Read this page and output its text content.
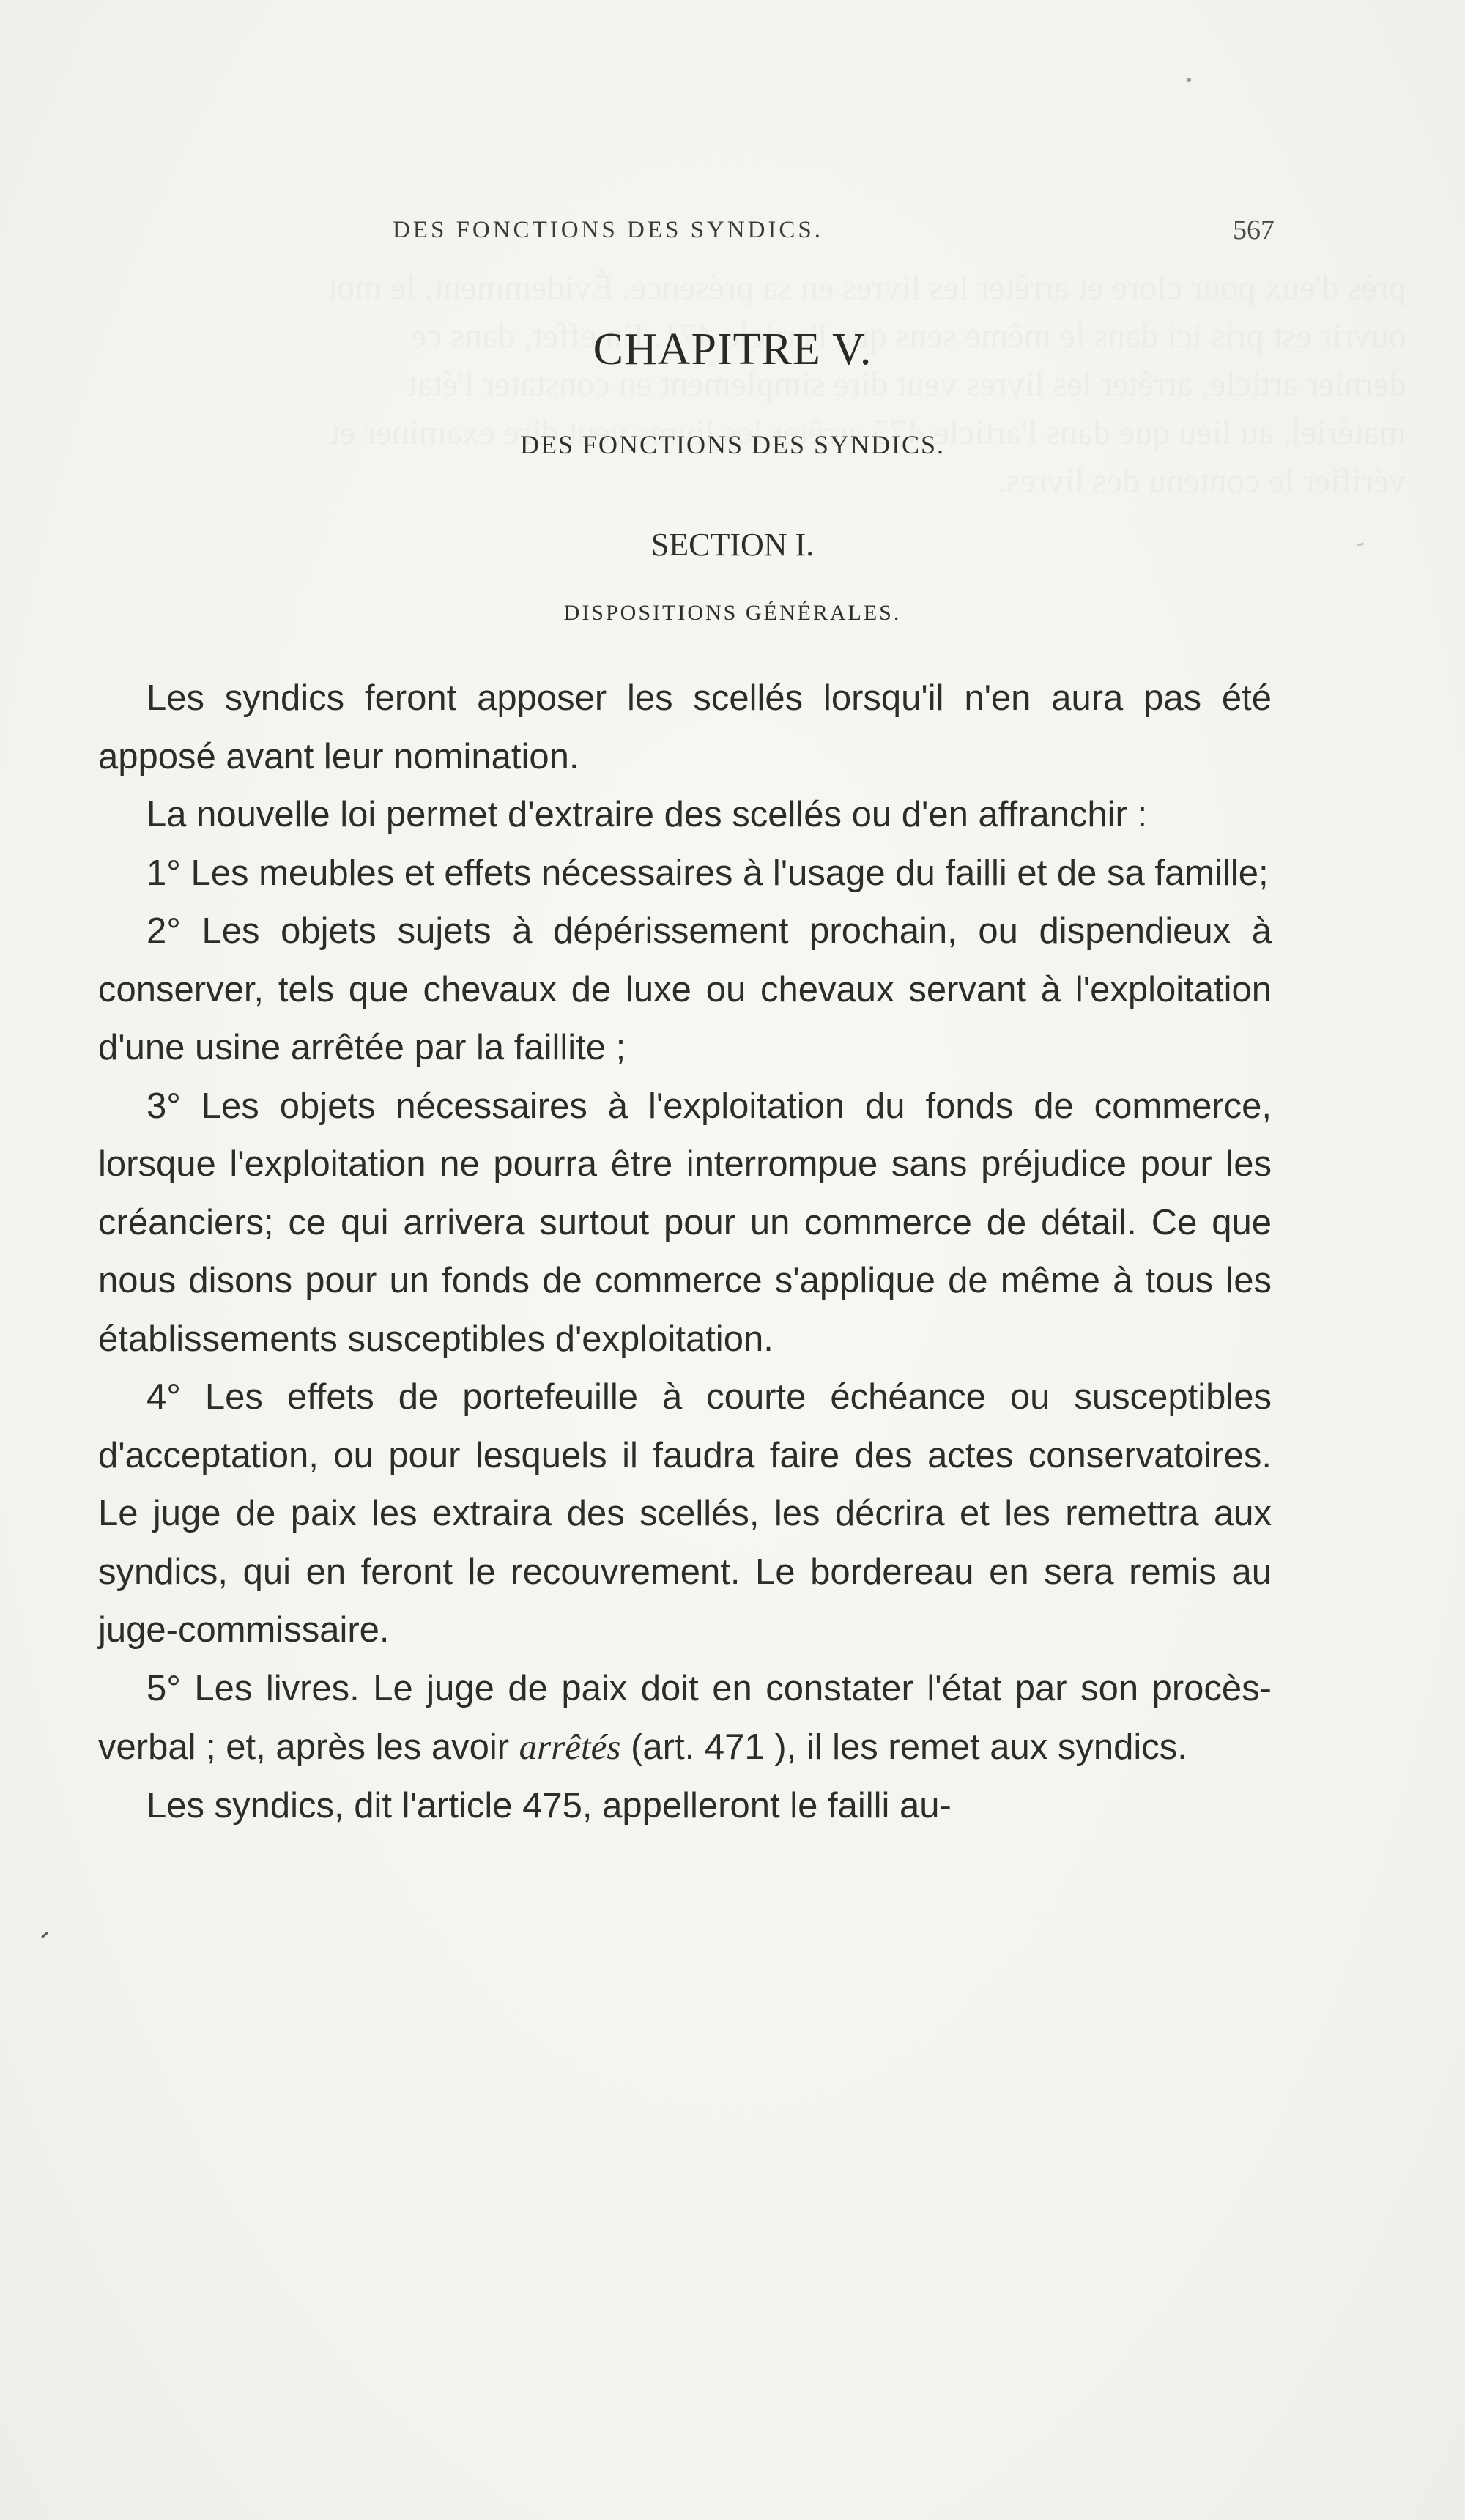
DES FONCTIONS DES SYNDICS.	567
CHAPITRE V.
DES FONCTIONS DES SYNDICS.
SECTION I.
DISPOSITIONS GÉNÉRALES.

Les syndics feront apposer les scellés lorsqu'il n'en aura pas été apposé avant leur nomination.

La nouvelle loi permet d'extraire des scellés ou d'en affranchir :

1° Les meubles et effets nécessaires à l'usage du failli et de sa famille;

2° Les objets sujets à dépérissement prochain, ou dispendieux à conserver, tels que chevaux de luxe ou chevaux servant à l'exploitation d'une usine arrêtée par la faillite ;

3° Les objets nécessaires à l'exploitation du fonds de commerce, lorsque l'exploitation ne pourra être interrompue sans préjudice pour les créanciers; ce qui arrivera surtout pour un commerce de détail. Ce que nous disons pour un fonds de commerce s'applique de même à tous les établissements susceptibles d'exploitation.

4° Les effets de portefeuille à courte échéance ou susceptibles d'acceptation, ou pour lesquels il faudra faire des actes conservatoires. Le juge de paix les extraira des scellés, les décrira et les remettra aux syndics, qui en feront le recouvrement. Le bordereau en sera remis au juge-commissaire.

5° Les livres. Le juge de paix doit en constater l'état par son procès-verbal ; et, après les avoir arrêtés (art. 471 ), il les remet aux syndics.

Les syndics, dit l'article 475, appelleront le failli au-
